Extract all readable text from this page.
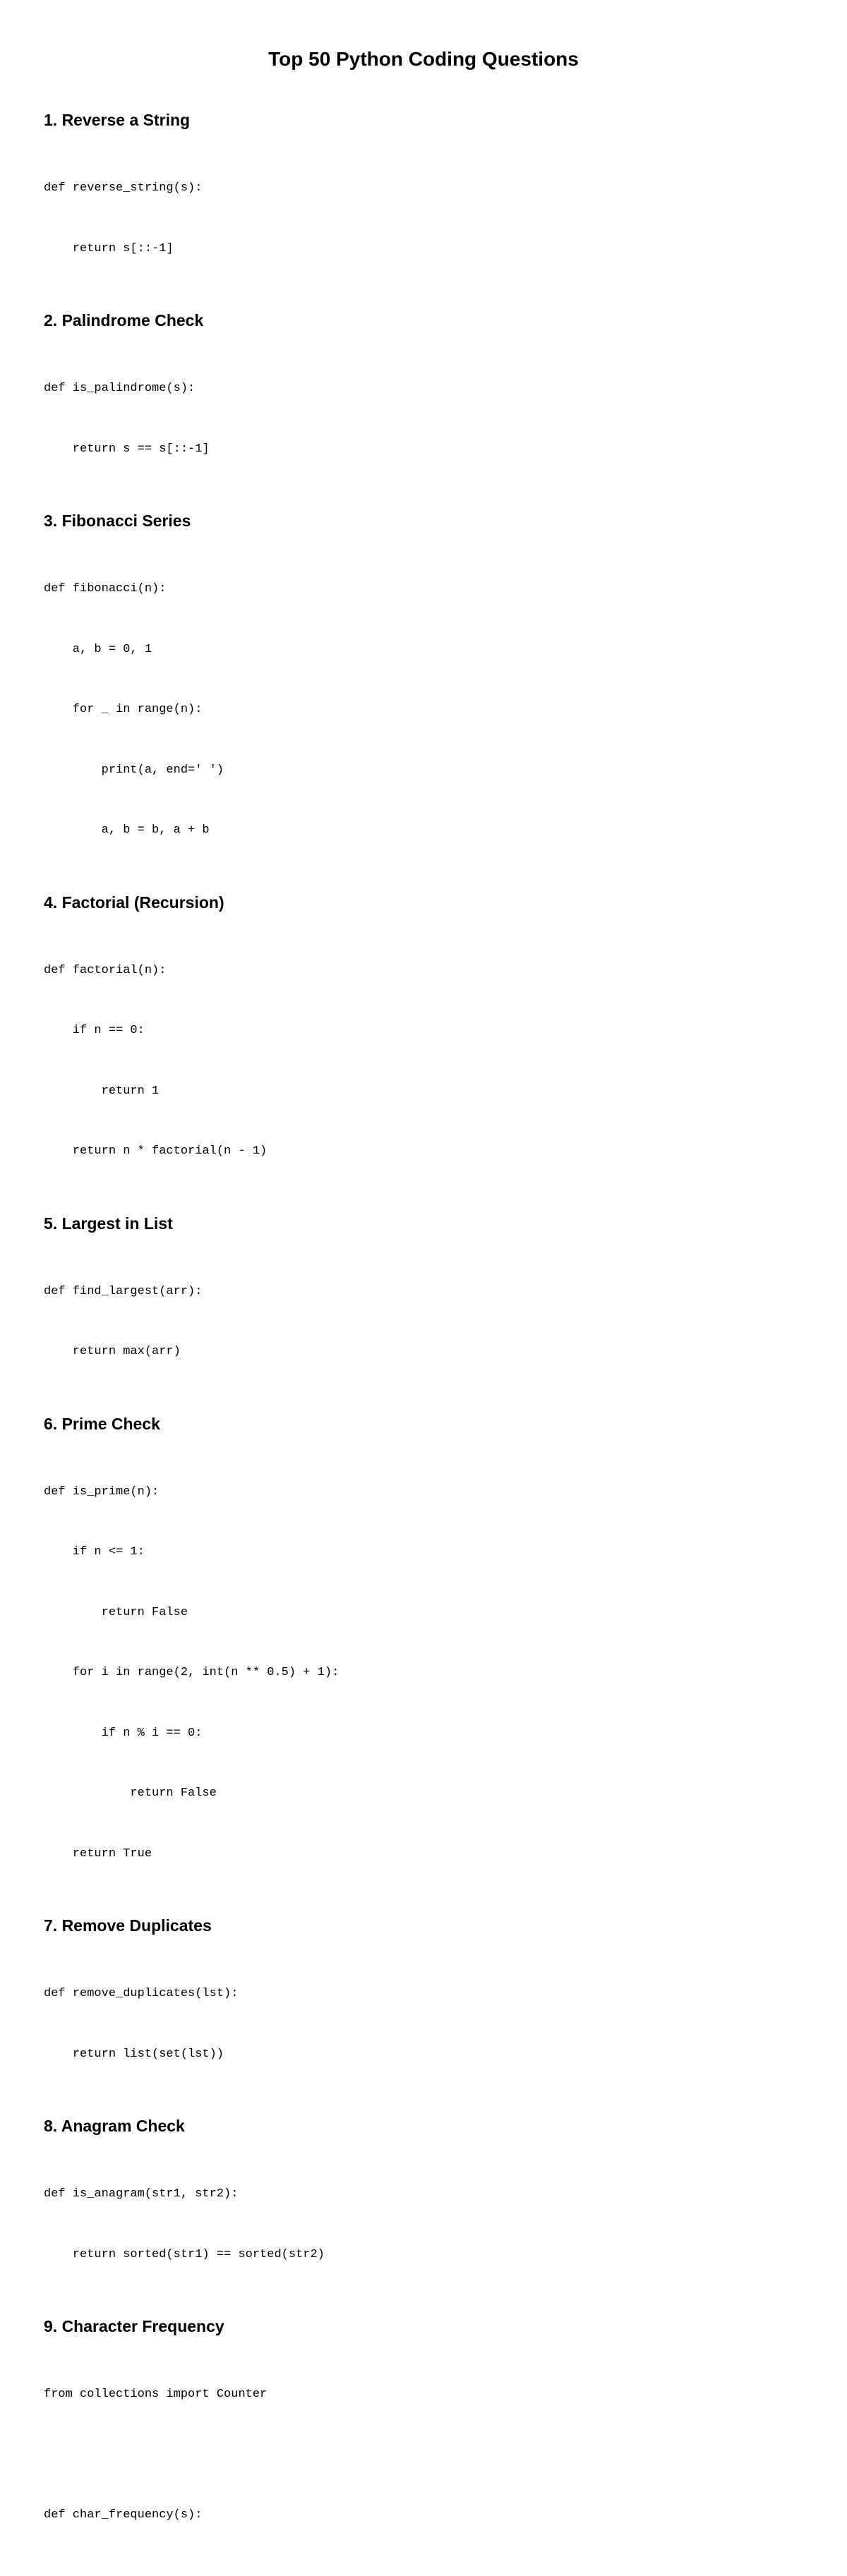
Top 50 Python Coding Questions
1. Reverse a String

def reverse_string(s):

return s[::-1]

2. Palindrome Check

def is_palindrome(s):

return s == s[::-1]

3. Fibonacci Series

def fibonacci(n):

a, b = 0, 1

for _ in range(n):

print(a, end=' ')

a, b = b, a + b

4. Factorial (Recursion)

def factorial(n):

if n == 0:

return 1

return n * factorial(n - 1)

5. Largest in List

def find_largest(arr):

return max(arr)

6. Prime Check

def is_prime(n):

if n <= 1:

return False

for i in range(2, int(n ** 0.5) + 1):

if n % i == 0:

return False

return True

7. Remove Duplicates

def remove_duplicates(lst):

return list(set(lst))

8. Anagram Check

def is_anagram(str1, str2):

return sorted(str1) == sorted(str2)

9. Character Frequency

from collections import Counter

def char_frequency(s):
